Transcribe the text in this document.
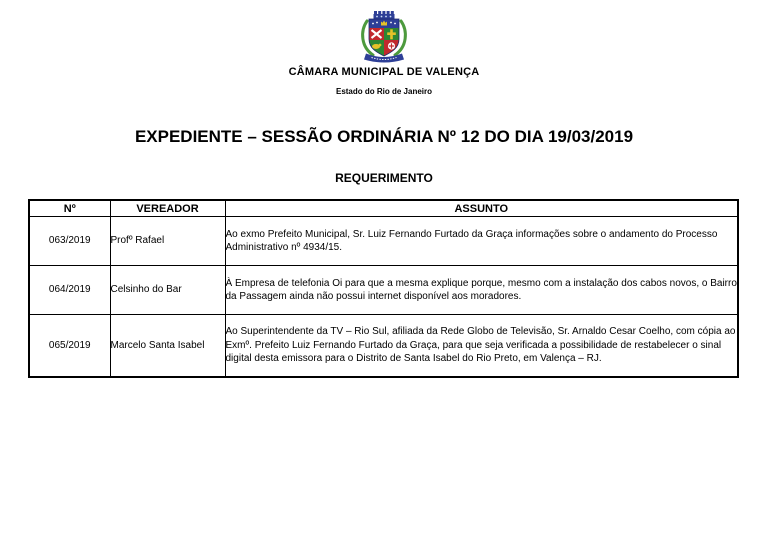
CÂMARA MUNICIPAL DE VALENÇA
Estado do Rio de Janeiro
EXPEDIENTE – SESSÃO ORDINÁRIA Nº 12 DO DIA 19/03/2019
REQUERIMENTO
Nº	VEREADOR	ASSUNTO
063/2019	Profº Rafael	Ao exmo Prefeito Municipal, Sr. Luiz Fernando Furtado da Graça informações sobre o andamento do Processo Administrativo nº 4934/15.
064/2019	Celsinho do Bar	À Empresa de telefonia Oi para que a mesma explique porque, mesmo com a instalação dos cabos novos, o Bairro da Passagem ainda não possui internet disponível aos moradores.
065/2019	Marcelo Santa Isabel	Ao Superintendente da TV – Rio Sul, afiliada da Rede Globo de Televisão, Sr. Arnaldo Cesar Coelho, com cópia ao Exmº. Prefeito Luiz Fernando Furtado da Graça, para que seja verificada a possibilidade de restabelecer o sinal digital desta emissora para o Distrito de Santa Isabel do Rio Preto, em Valença – RJ.
